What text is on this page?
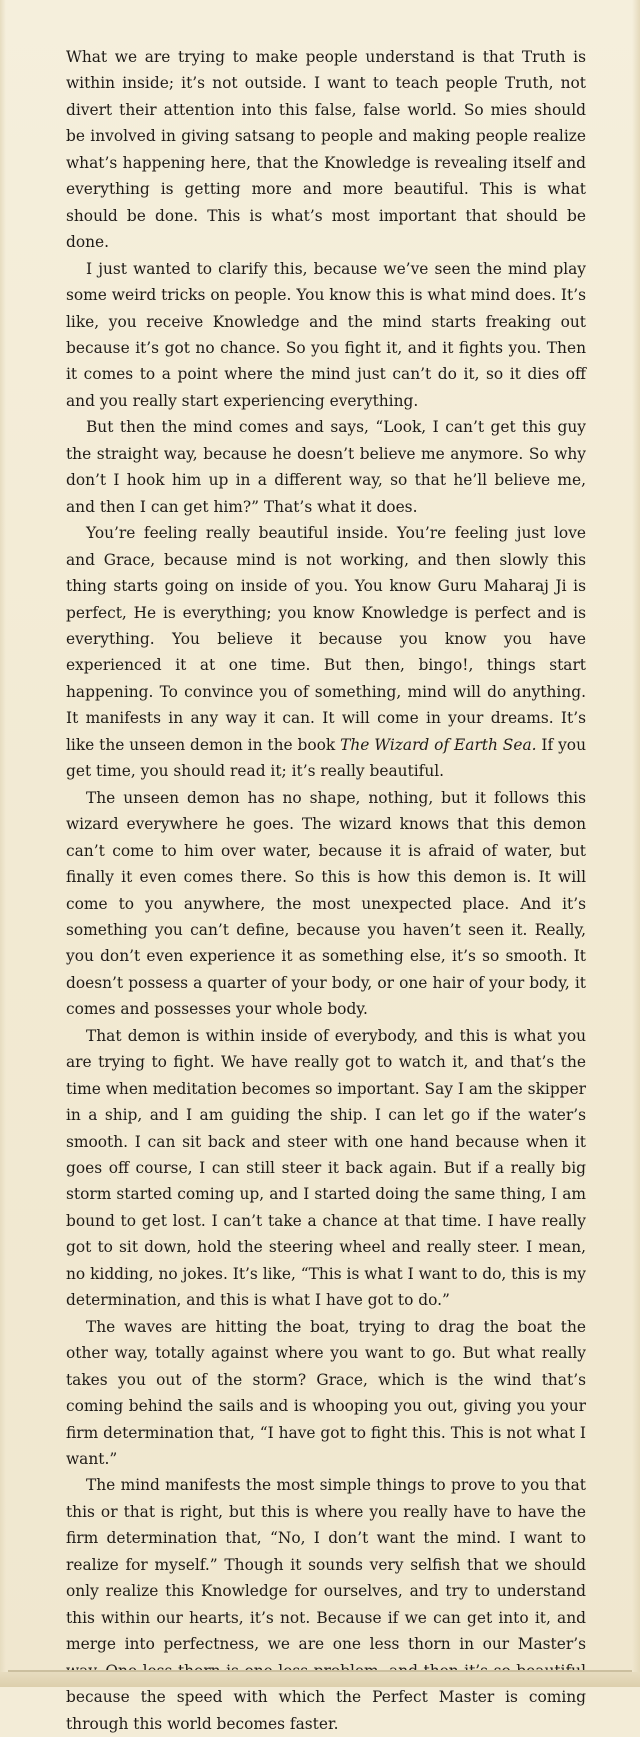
What we are trying to make people understand is that Truth is within inside; it’s not outside. I want to teach people Truth, not divert their attention into this false, false world. So mies should be involved in giving satsang to people and making people realize what’s happening here, that the Knowledge is revealing itself and everything is getting more and more beautiful. This is what should be done. This is what’s most important that should be done.

I just wanted to clarify this, because we’ve seen the mind play some weird tricks on people. You know this is what mind does. It’s like, you receive Knowledge and the mind starts freaking out because it’s got no chance. So you fight it, and it fights you. Then it comes to a point where the mind just can’t do it, so it dies off and you really start experiencing everything.

But then the mind comes and says, “Look, I can’t get this guy the straight way, because he doesn’t believe me anymore. So why don’t I hook him up in a different way, so that he’ll believe me, and then I can get him?” That’s what it does.

You’re feeling really beautiful inside. You’re feeling just love and Grace, because mind is not working, and then slowly this thing starts going on inside of you. You know Guru Maharaj Ji is perfect, He is everything; you know Knowledge is perfect and is everything. You believe it because you know you have experienced it at one time. But then, bingo!, things start happening. To convince you of something, mind will do anything. It manifests in any way it can. It will come in your dreams. It’s like the unseen demon in the book The Wizard of Earth Sea. If you get time, you should read it; it’s really beautiful.

The unseen demon has no shape, nothing, but it follows this wizard everywhere he goes. The wizard knows that this demon can’t come to him over water, because it is afraid of water, but finally it even comes there. So this is how this demon is. It will come to you anywhere, the most unexpected place. And it’s something you can’t define, because you haven’t seen it. Really, you don’t even experience it as something else, it’s so smooth. It doesn’t possess a quarter of your body, or one hair of your body, it comes and possesses your whole body.

That demon is within inside of everybody, and this is what you are trying to fight. We have really got to watch it, and that’s the time when meditation becomes so important. Say I am the skipper in a ship, and I am guiding the ship. I can let go if the water’s smooth. I can sit back and steer with one hand because when it goes off course, I can still steer it back again. But if a really big storm started coming up, and I started doing the same thing, I am bound to get lost. I can’t take a chance at that time. I have really got to sit down, hold the steering wheel and really steer. I mean, no kidding, no jokes. It’s like, “This is what I want to do, this is my determination, and this is what I have got to do.”

The waves are hitting the boat, trying to drag the boat the other way, totally against where you want to go. But what really takes you out of the storm? Grace, which is the wind that’s coming behind the sails and is whooping you out, giving you your firm determination that, “I have got to fight this. This is not what I want.”

The mind manifests the most simple things to prove to you that this or that is right, but this is where you really have to have the firm determination that, “No, I don’t want the mind. I want to realize for myself.” Though it sounds very selfish that we should only realize this Knowledge for ourselves, and try to understand this within our hearts, it’s not. Because if we can get into it, and merge into perfectness, we are one less thorn in our Master’s because the speed with which the Perfect Master is coming through this world becomes faster.
